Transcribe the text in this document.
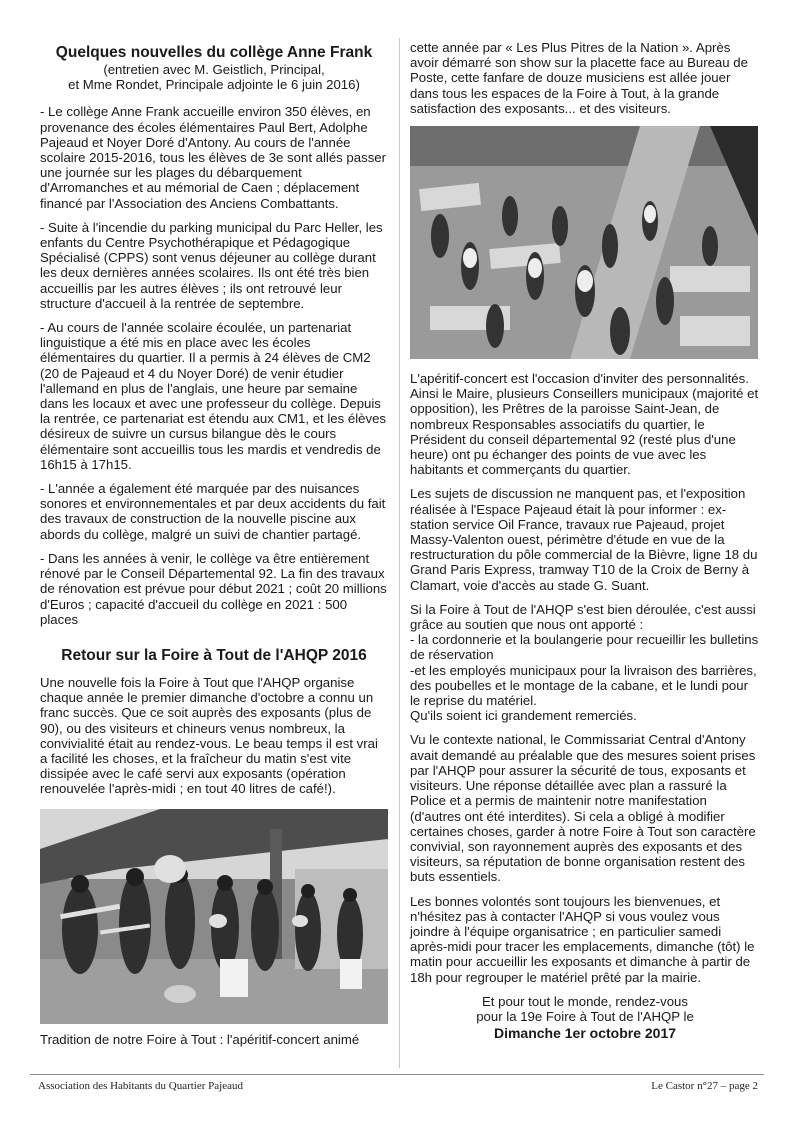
Quelques nouvelles du collège Anne Frank
(entretien avec M. Geistlich, Principal,
et Mme Rondet, Principale adjointe le 6 juin 2016)

- Le collège Anne Frank accueille environ 350 élèves, en provenance des écoles élémentaires Paul Bert, Adolphe Pajeaud et Noyer Doré d'Antony. Au cours de l'année scolaire 2015-2016, tous les élèves de 3e sont allés passer une journée sur les plages du débarquement d'Arromanches et au mémorial de Caen ; déplacement financé par l'Association des Anciens Combattants.

- Suite à l'incendie du parking municipal du Parc Heller, les enfants du Centre Psychothérapique et Pédagogique Spécialisé (CPPS) sont venus déjeuner au collège durant les deux dernières années scolaires. Ils ont été très bien accueillis par les autres élèves ; ils ont retrouvé leur structure d'accueil à la rentrée de septembre.

- Au cours de l'année scolaire écoulée, un partenariat linguistique a été mis en place avec les écoles élémentaires du quartier. Il a permis à 24 élèves de CM2 (20 de Pajeaud et 4 du Noyer Doré) de venir étudier l'allemand en plus de l'anglais, une heure par semaine dans les locaux et avec une professeur du collège. Depuis la rentrée, ce partenariat est étendu aux CM1, et les élèves désireux de suivre un cursus bilangue dès le cours élémentaire sont accueillis tous les mardis et vendredis de 16h15 à 17h15.

- L'année a également été marquée par des nuisances sonores et environnementales et par deux accidents du fait des travaux de construction de la nouvelle piscine aux abords du collège, malgré un suivi de chantier partagé.

- Dans les années à venir, le collège va être entièrement rénové par le Conseil Départemental 92. La fin des travaux de rénovation est prévue pour début 2021 ; coût 20 millions d'Euros ; capacité d'accueil du collège en 2021 : 500 places

Retour sur la Foire à Tout de l'AHQP 2016

Une nouvelle fois la Foire à Tout que l'AHQP organise chaque année le premier dimanche d'octobre a connu un franc succès. Que ce soit auprès des exposants (plus de 90), ou des visiteurs et chineurs venus nombreux, la convivialité était au rendez-vous. Le beau temps il est vrai a facilité les choses, et la fraîcheur du matin s'est vite dissipée avec le café servi aux exposants (opération renouvelée l'après-midi ; en tout 40 litres de café!).

Tradition de notre Foire à Tout : l'apéritif-concert animé

cette année par « Les Plus Pitres de la Nation ». Après avoir démarré son show sur la placette face au Bureau de Poste, cette fanfare de douze musiciens est allée jouer dans tous les espaces de la Foire à Tout, à la grande satisfaction des exposants... et des visiteurs.

L'apéritif-concert est l'occasion d'inviter des personnalités. Ainsi le Maire, plusieurs Conseillers municipaux (majorité et opposition), les Prêtres de la paroisse Saint-Jean, de nombreux Responsables associatifs du quartier, le Président du conseil départemental 92 (resté plus d'une heure) ont pu échanger des points de vue avec les habitants et commerçants du quartier.

Les sujets de discussion ne manquent pas, et l'exposition réalisée à l'Espace Pajeaud était là pour informer : ex-station service Oil France, travaux rue Pajeaud, projet Massy-Valenton ouest, périmètre d'étude en vue de la restructuration du pôle commercial de la Bièvre, ligne 18 du Grand Paris Express, tramway T10 de la Croix de Berny à Clamart, voie d'accès au stade G. Suant.

Si la Foire à Tout de l'AHQP s'est bien déroulée, c'est aussi grâce au soutien que nous ont apporté :
- la cordonnerie et la boulangerie pour recueillir les bulletins de réservation
-et les employés municipaux pour la livraison des barrières, des poubelles et le montage de la cabane, et le lundi pour le reprise du matériel.

Qu'ils soient ici grandement remerciés.

Vu le contexte national, le Commissariat Central d'Antony avait demandé au préalable que des mesures soient prises par l'AHQP pour assurer la sécurité de tous, exposants et visiteurs. Une réponse détaillée avec plan a rassuré la Police et a permis de maintenir notre manifestation (d'autres ont été interdites). Si cela a obligé à modifier certaines choses, garder à notre Foire à Tout son caractère convivial, son rayonnement auprès des exposants et des visiteurs, sa réputation de bonne organisation restent des buts essentiels.

Les bonnes volontés sont toujours les bienvenues, et n'hésitez pas à contacter l'AHQP si vous voulez vous joindre à l'équipe organisatrice ; en particulier samedi après-midi pour tracer les emplacements, dimanche (tôt) le matin pour accueillir les exposants et dimanche à partir de 18h pour regrouper le matériel prêté par la mairie.

Et pour tout le monde, rendez-vous
pour la 19e Foire à Tout de l'AHQP le
Dimanche 1er octobre 2017
Association des Habitants du Quartier Pajeaud	Le Castor n°27 – page 2
